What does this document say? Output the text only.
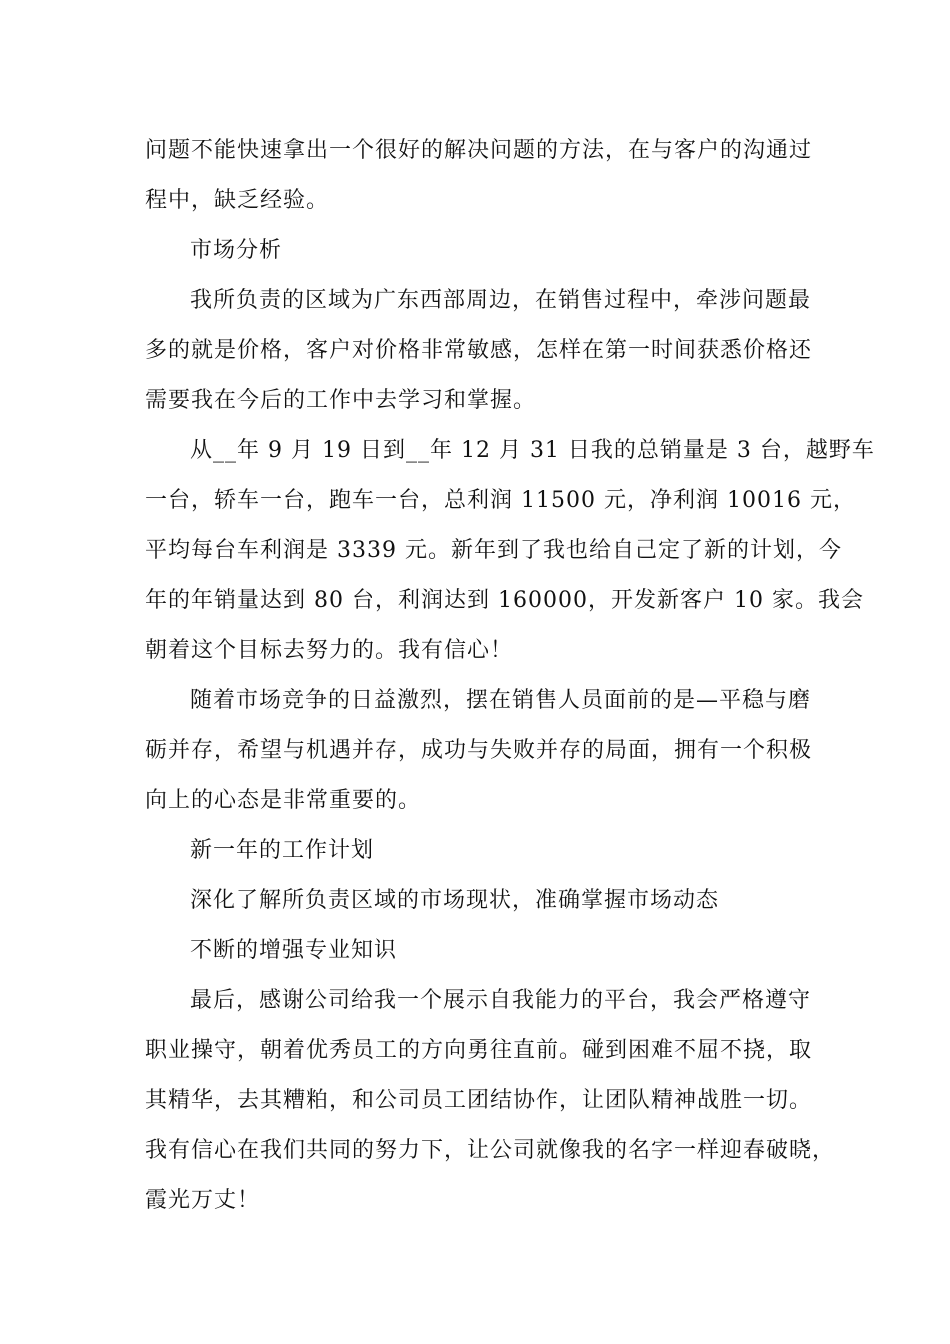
问题不能快速拿出一个很好的解决问题的方法，在与客户的沟通过
程中，缺乏经验。
市场分析
我所负责的区域为广东西部周边，在销售过程中，牵涉问题最
多的就是价格，客户对价格非常敏感，怎样在第一时间获悉价格还
需要我在今后的工作中去学习和掌握。
从__年 9 月 19 日到__年 12 月 31 日我的总销量是 3 台，越野车
一台，轿车一台，跑车一台，总利润 11500 元，净利润 10016 元，
平均每台车利润是 3339 元。新年到了我也给自己定了新的计划，今
年的年销量达到 80 台，利润达到 160000，开发新客户 10 家。我会
朝着这个目标去努力的。我有信心！
随着市场竞争的日益激烈，摆在销售人员面前的是—平稳与磨
砺并存，希望与机遇并存，成功与失败并存的局面，拥有一个积极
向上的心态是非常重要的。
新一年的工作计划
深化了解所负责区域的市场现状，准确掌握市场动态
不断的增强专业知识
最后，感谢公司给我一个展示自我能力的平台，我会严格遵守
职业操守，朝着优秀员工的方向勇往直前。碰到困难不屈不挠，取
其精华，去其糟粕，和公司员工团结协作，让团队精神战胜一切。
我有信心在我们共同的努力下，让公司就像我的名字一样迎春破晓，
霞光万丈！
